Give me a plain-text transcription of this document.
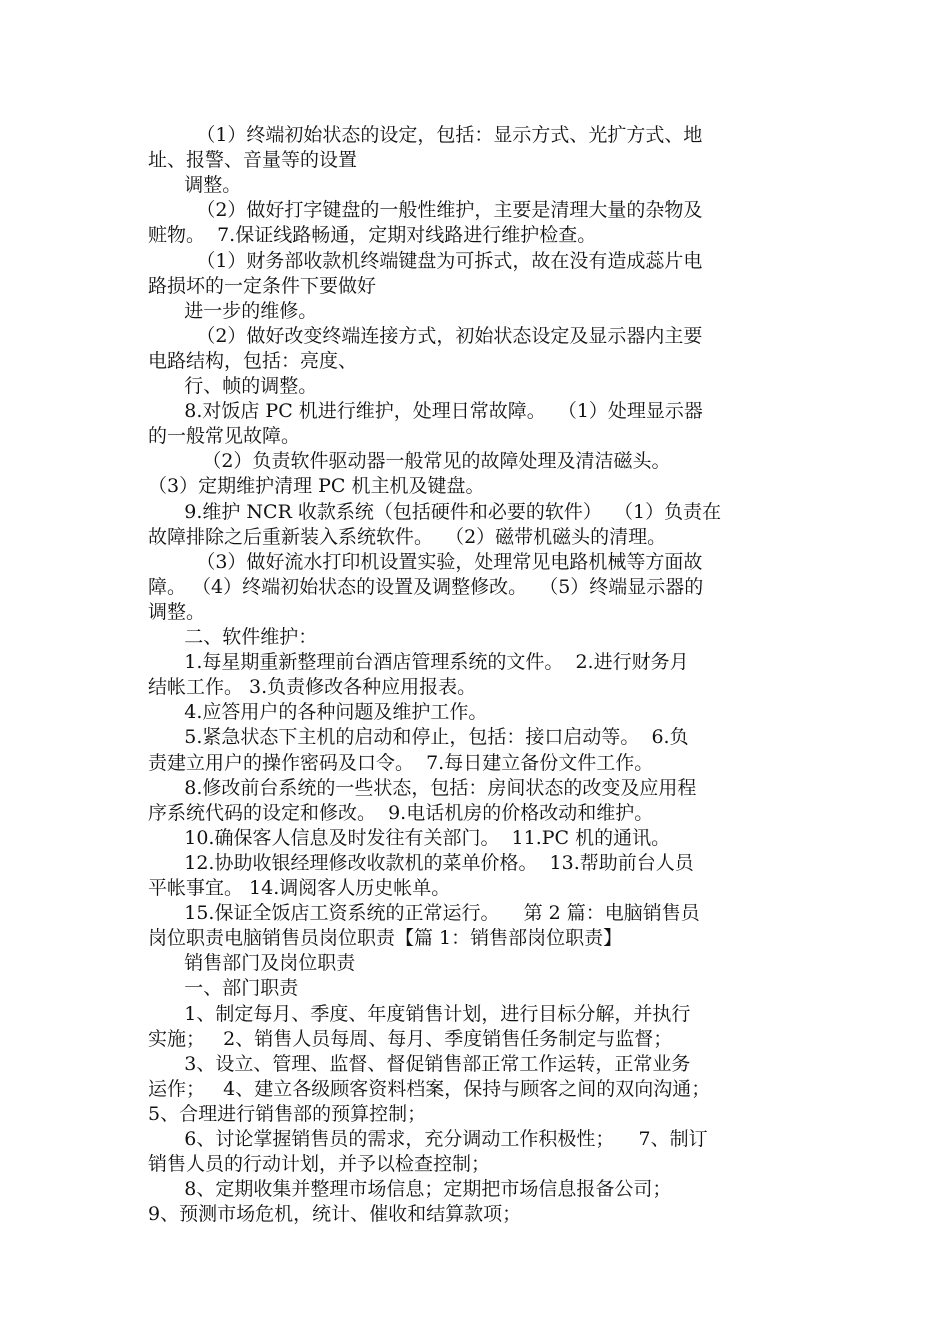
（1）终端初始状态的设定，包括：显示方式、光扩方式、地
址、报警、音量等的设置
调整。
（2）做好打字键盘的一般性维护，主要是清理大量的杂物及
赃物。  7.保证线路畅通，定期对线路进行维护检查。
（1）财务部收款机终端键盘为可拆式，故在没有造成蕊片电
路损坏的一定条件下要做好
进一步的维修。
（2）做好改变终端连接方式，初始状态设定及显示器内主要
电路结构，包括：亮度、
行、帧的调整。
8.对饭店 PC 机进行维护，处理日常故障。  （1）处理显示器
的一般常见故障。
（2）负责软件驱动器一般常见的故障处理及清洁磁头。
（3）定期维护清理 PC 机主机及键盘。
9.维护 NCR 收款系统（包括硬件和必要的软件）  （1）负责在
故障排除之后重新装入系统软件。  （2）磁带机磁头的清理。
（3）做好流水打印机设置实验，处理常见电路机械等方面故
障。 （4）终端初始状态的设置及调整修改。  （5）终端显示器的
调整。
二、软件维护：
1.每星期重新整理前台酒店管理系统的文件。  2.进行财务月
结帐工作。 3.负责修改各种应用报表。
4.应答用户的各种问题及维护工作。
5.紧急状态下主机的启动和停止，包括：接口启动等。  6.负
责建立用户的操作密码及口令。  7.每日建立备份文件工作。
8.修改前台系统的一些状态，包括：房间状态的改变及应用程
序系统代码的设定和修改。  9.电话机房的价格改动和维护。
10.确保客人信息及时发往有关部门。  11.PC 机的通讯。
12.协助收银经理修改收款机的菜单价格。  13.帮助前台人员
平帐事宜。 14.调阅客人历史帐单。
15.保证全饭店工资系统的正常运行。    第 2 篇：电脑销售员
岗位职责电脑销售员岗位职责【篇 1：销售部岗位职责】
销售部门及岗位职责
一、部门职责
1、制定每月、季度、年度销售计划，进行目标分解，并执行
实施；   2、销售人员每周、每月、季度销售任务制定与监督；
3、设立、管理、监督、督促销售部正常工作运转，正常业务
运作；   4、建立各级顾客资料档案，保持与顾客之间的双向沟通；
5、合理进行销售部的预算控制；
6、讨论掌握销售员的需求，充分调动工作积极性；    7、制订
销售人员的行动计划，并予以检查控制；
8、定期收集并整理市场信息；定期把市场信息报备公司；
9、预测市场危机，统计、催收和结算款项；
